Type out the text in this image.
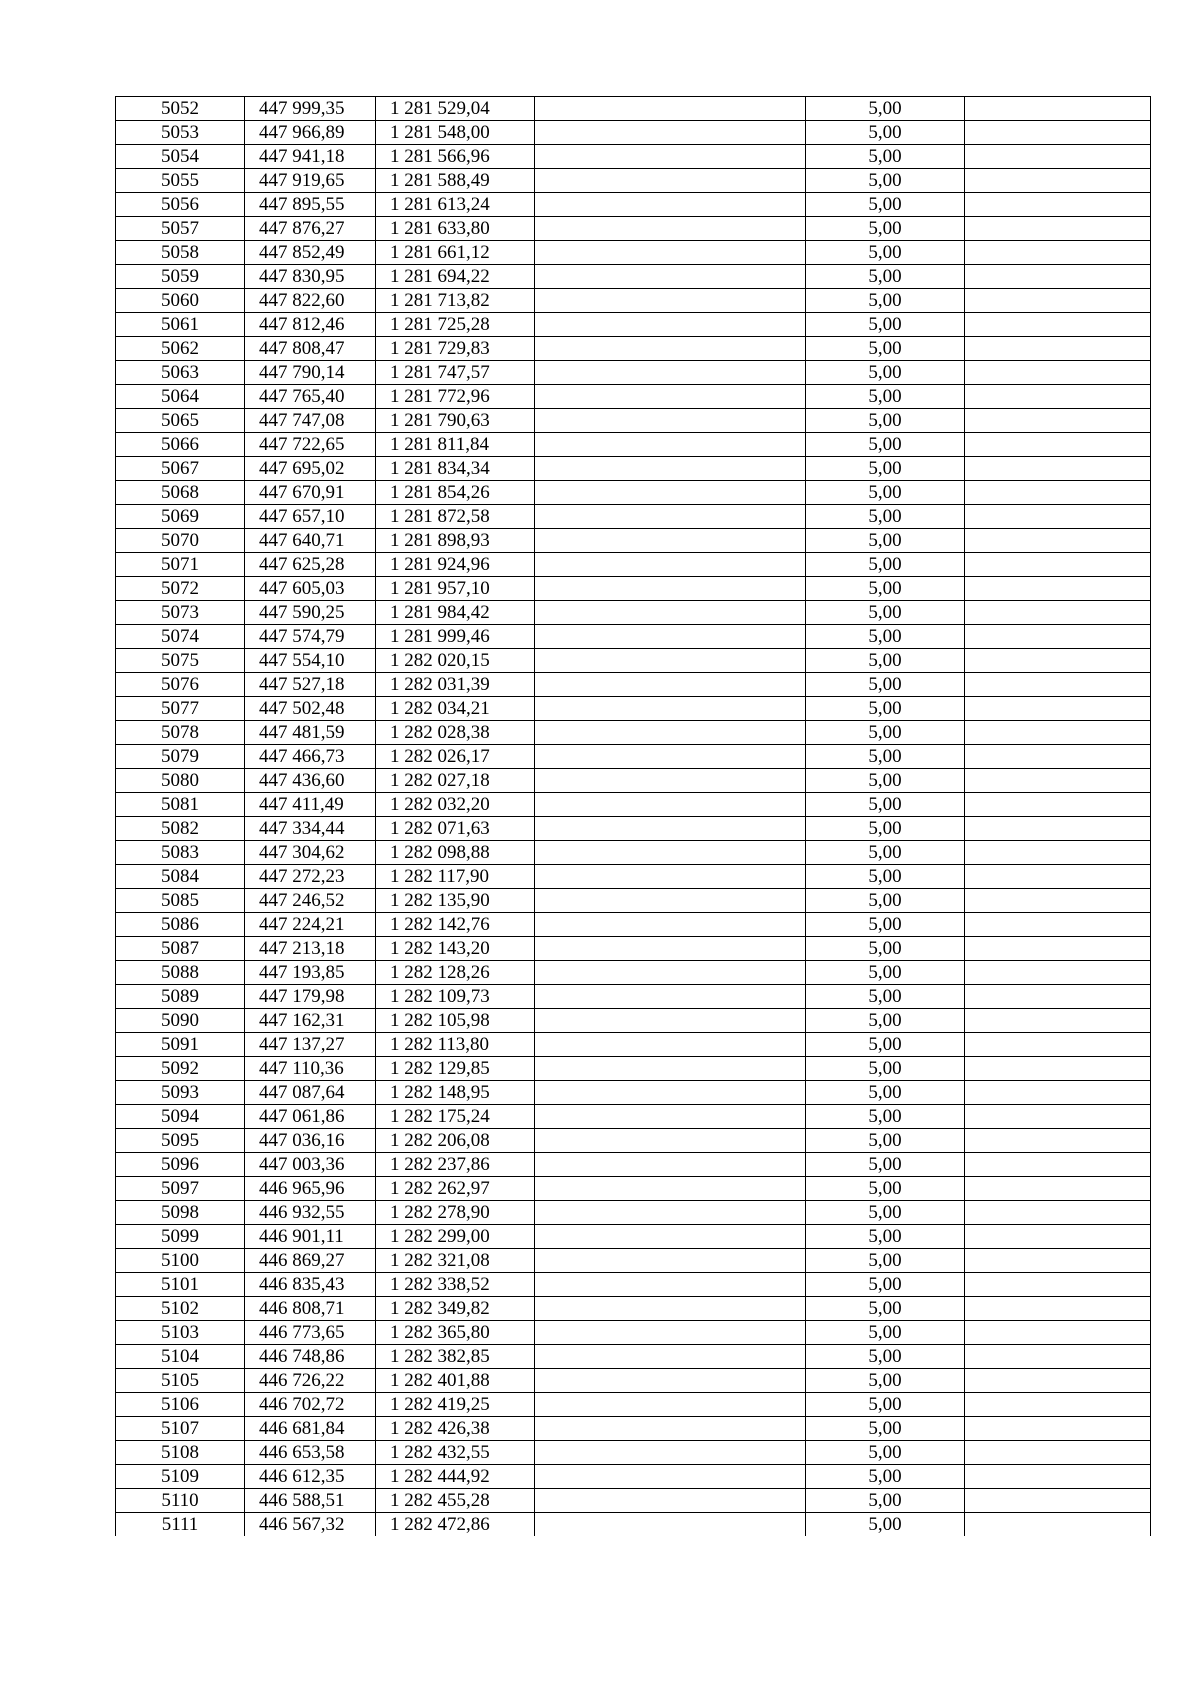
5052	447 999,35	1 281 529,04		5,00	
5053	447 966,89	1 281 548,00		5,00	
5054	447 941,18	1 281 566,96		5,00	
5055	447 919,65	1 281 588,49		5,00	
5056	447 895,55	1 281 613,24		5,00	
5057	447 876,27	1 281 633,80		5,00	
5058	447 852,49	1 281 661,12		5,00	
5059	447 830,95	1 281 694,22		5,00	
5060	447 822,60	1 281 713,82		5,00	
5061	447 812,46	1 281 725,28		5,00	
5062	447 808,47	1 281 729,83		5,00	
5063	447 790,14	1 281 747,57		5,00	
5064	447 765,40	1 281 772,96		5,00	
5065	447 747,08	1 281 790,63		5,00	
5066	447 722,65	1 281 811,84		5,00	
5067	447 695,02	1 281 834,34		5,00	
5068	447 670,91	1 281 854,26		5,00	
5069	447 657,10	1 281 872,58		5,00	
5070	447 640,71	1 281 898,93		5,00	
5071	447 625,28	1 281 924,96		5,00	
5072	447 605,03	1 281 957,10		5,00	
5073	447 590,25	1 281 984,42		5,00	
5074	447 574,79	1 281 999,46		5,00	
5075	447 554,10	1 282 020,15		5,00	
5076	447 527,18	1 282 031,39		5,00	
5077	447 502,48	1 282 034,21		5,00	
5078	447 481,59	1 282 028,38		5,00	
5079	447 466,73	1 282 026,17		5,00	
5080	447 436,60	1 282 027,18		5,00	
5081	447 411,49	1 282 032,20		5,00	
5082	447 334,44	1 282 071,63		5,00	
5083	447 304,62	1 282 098,88		5,00	
5084	447 272,23	1 282 117,90		5,00	
5085	447 246,52	1 282 135,90		5,00	
5086	447 224,21	1 282 142,76		5,00	
5087	447 213,18	1 282 143,20		5,00	
5088	447 193,85	1 282 128,26		5,00	
5089	447 179,98	1 282 109,73		5,00	
5090	447 162,31	1 282 105,98		5,00	
5091	447 137,27	1 282 113,80		5,00	
5092	447 110,36	1 282 129,85		5,00	
5093	447 087,64	1 282 148,95		5,00	
5094	447 061,86	1 282 175,24		5,00	
5095	447 036,16	1 282 206,08		5,00	
5096	447 003,36	1 282 237,86		5,00	
5097	446 965,96	1 282 262,97		5,00	
5098	446 932,55	1 282 278,90		5,00	
5099	446 901,11	1 282 299,00		5,00	
5100	446 869,27	1 282 321,08		5,00	
5101	446 835,43	1 282 338,52		5,00	
5102	446 808,71	1 282 349,82		5,00	
5103	446 773,65	1 282 365,80		5,00	
5104	446 748,86	1 282 382,85		5,00	
5105	446 726,22	1 282 401,88		5,00	
5106	446 702,72	1 282 419,25		5,00	
5107	446 681,84	1 282 426,38		5,00	
5108	446 653,58	1 282 432,55		5,00	
5109	446 612,35	1 282 444,92		5,00	
5110	446 588,51	1 282 455,28		5,00	
5111	446 567,32	1 282 472,86		5,00	
